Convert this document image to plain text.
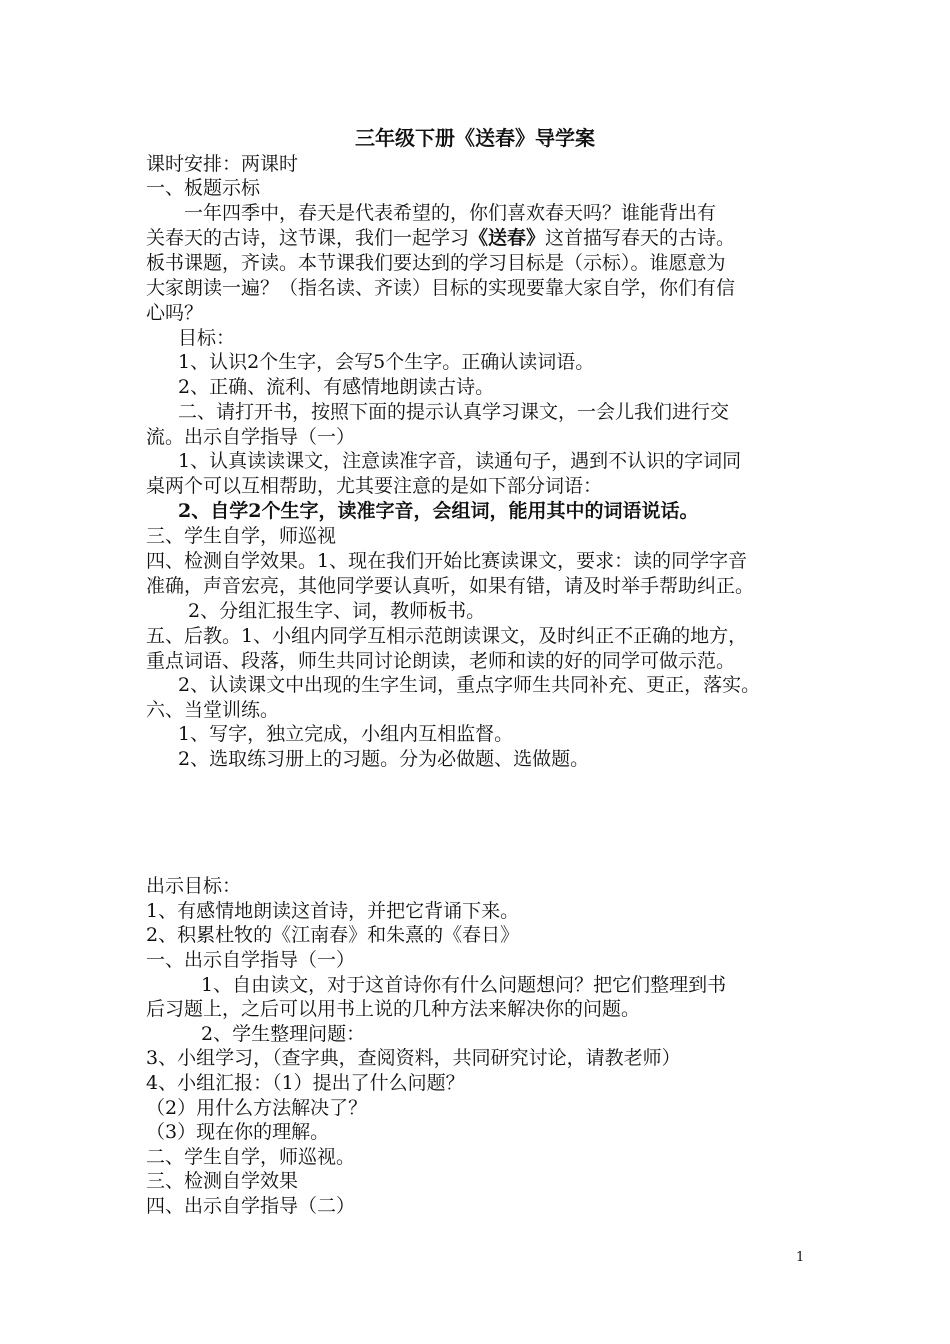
三年级下册《送春》导学案
课时安排：两课时
一、板题示标
一年四季中，春天是代表希望的，你们喜欢春天吗？谁能背出有
关春天的古诗，这节课，我们一起学习《送春》这首描写春天的古诗。
板书课题，齐读。本节课我们要达到的学习目标是（示标）。谁愿意为
大家朗读一遍？（指名读、齐读）目标的实现要靠大家自学，你们有信
心吗？
目标：
1、认识2个生字，会写5个生字。正确认读词语。
2、正确、流利、有感情地朗读古诗。
二、请打开书，按照下面的提示认真学习课文，一会儿我们进行交
流。出示自学指导（一）
1、认真读读课文，注意读准字音，读通句子，遇到不认识的字词同
桌两个可以互相帮助，尤其要注意的是如下部分词语：
2、自学2个生字，读准字音，会组词，能用其中的词语说话。
三、学生自学，师巡视
四、检测自学效果。1、现在我们开始比赛读课文，要求：读的同学字音
准确，声音宏亮，其他同学要认真听，如果有错，请及时举手帮助纠正。
2、分组汇报生字、词，教师板书。
五、后教。1、小组内同学互相示范朗读课文，及时纠正不正确的地方，
重点词语、段落，师生共同讨论朗读，老师和读的好的同学可做示范。
2、认读课文中出现的生字生词，重点字师生共同补充、更正，落实。
六、当堂训练。
1、写字，独立完成，小组内互相监督。
2、选取练习册上的习题。分为必做题、选做题。
出示目标：
1、有感情地朗读这首诗，并把它背诵下来。
2、积累杜牧的《江南春》和朱熹的《春日》
一、出示自学指导（一）
1、自由读文，对于这首诗你有什么问题想问？把它们整理到书
后习题上，之后可以用书上说的几种方法来解决你的问题。
2、学生整理问题：
3、小组学习，（查字典，查阅资料，共同研究讨论，请教老师）
4、小组汇报：（1）提出了什么问题？
（2）用什么方法解决了？
（3）现在你的理解。
二、学生自学，师巡视。
三、检测自学效果
四、出示自学指导（二）
1
